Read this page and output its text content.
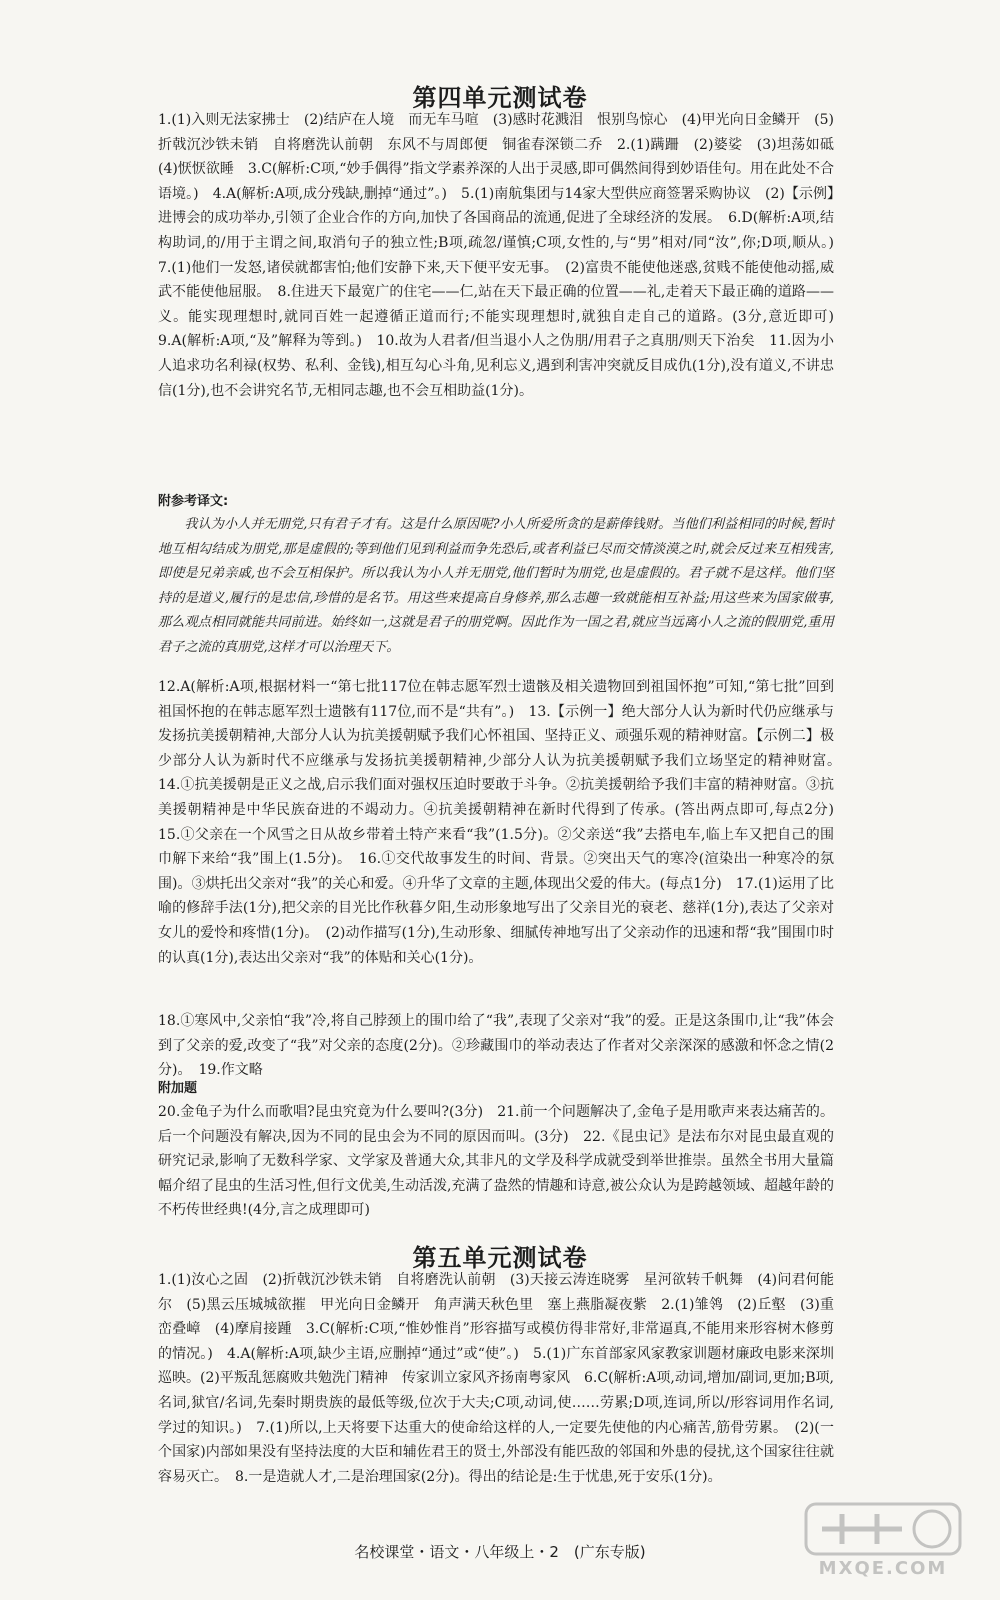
第四单元测试卷

1.(1)入则无法家拂士　(2)结庐在人境　而无车马喧　(3)感时花溅泪　恨别鸟惊心　(4)甲光向日金鳞开　(5)折戟沉沙铁未销　自将磨洗认前朝　东风不与周郎便　铜雀春深锁二乔　2.(1)蹒跚　(2)婆娑　(3)坦荡如砥　(4)恹恹欲睡　3.C(解析:C项,“妙手偶得”指文学素养深的人出于灵感,即可偶然间得到妙语佳句。用在此处不合语境。)　4.A(解析:A项,成分残缺,删掉“通过”。)　5.(1)南航集团与14家大型供应商签署采购协议　(2)【示例】进博会的成功举办,引领了企业合作的方向,加快了各国商品的流通,促进了全球经济的发展。　6.D(解析:A项,结构助词,的/用于主谓之间,取消句子的独立性;B项,疏忽/谨慎;C项,女性的,与“男”相对/同“汝”,你;D项,顺从。)　7.(1)他们一发怒,诸侯就都害怕;他们安静下来,天下便平安无事。　(2)富贵不能使他迷惑,贫贱不能使他动摇,威武不能使他屈服。　8.住进天下最宽广的住宅——仁,站在天下最正确的位置——礼,走着天下最正确的道路——义。能实现理想时,就同百姓一起遵循正道而行;不能实现理想时,就独自走自己的道路。(3分,意近即可)　9.A(解析:A项,“及”解释为等到。)　10.故为人君者/但当退小人之伪朋/用君子之真朋/则天下治矣　11.因为小人追求功名利禄(权势、私利、金钱),相互勾心斗角,见利忘义,遇到利害冲突就反目成仇(1分),没有道义,不讲忠信(1分),也不会讲究名节,无相同志趣,也不会互相助益(1分)。

附参考译文:

我认为小人并无朋党,只有君子才有。这是什么原因呢?小人所爱所贪的是薪俸钱财。当他们利益相同的时候,暂时地互相勾结成为朋党,那是虚假的;等到他们见到利益而争先恐后,或者利益已尽而交情淡漠之时,就会反过来互相残害,即使是兄弟亲戚,也不会互相保护。所以我认为小人并无朋党,他们暂时为朋党,也是虚假的。君子就不是这样。他们坚持的是道义,履行的是忠信,珍惜的是名节。用这些来提高自身修养,那么志趣一致就能相互补益;用这些来为国家做事,那么观点相同就能共同前进。始终如一,这就是君子的朋党啊。因此作为一国之君,就应当远离小人之流的假朋党,重用君子之流的真朋党,这样才可以治理天下。

12.A(解析:A项,根据材料一“第七批117位在韩志愿军烈士遗骸及相关遗物回到祖国怀抱”可知,“第七批”回到祖国怀抱的在韩志愿军烈士遗骸有117位,而不是“共有”。)　13.【示例一】绝大部分人认为新时代仍应继承与发扬抗美援朝精神,大部分人认为抗美援朝赋予我们心怀祖国、坚持正义、顽强乐观的精神财富。【示例二】极少部分人认为新时代不应继承与发扬抗美援朝精神,少部分人认为抗美援朝赋予我们立场坚定的精神财富。　14.①抗美援朝是正义之战,启示我们面对强权压迫时要敢于斗争。②抗美援朝给予我们丰富的精神财富。③抗美援朝精神是中华民族奋进的不竭动力。④抗美援朝精神在新时代得到了传承。(答出两点即可,每点2分)　15.①父亲在一个风雪之日从故乡带着土特产来看“我”(1.5分)。②父亲送“我”去搭电车,临上车又把自己的围巾解下来给“我”围上(1.5分)。　16.①交代故事发生的时间、背景。②突出天气的寒冷(渲染出一种寒冷的氛围)。③烘托出父亲对“我”的关心和爱。④升华了文章的主题,体现出父爱的伟大。(每点1分)　17.(1)运用了比喻的修辞手法(1分),把父亲的目光比作秋暮夕阳,生动形象地写出了父亲目光的衰老、慈祥(1分),表达了父亲对女儿的爱怜和疼惜(1分)。　(2)动作描写(1分),生动形象、细腻传神地写出了父亲动作的迅速和帮“我”围围巾时的认真(1分),表达出父亲对“我”的体贴和关心(1分)。

18.①寒风中,父亲怕“我”冷,将自己脖颈上的围巾给了“我”,表现了父亲对“我”的爱。正是这条围巾,让“我”体会到了父亲的爱,改变了“我”对父亲的态度(2分)。②珍藏围巾的举动表达了作者对父亲深深的感激和怀念之情(2分)。　19.作文略

附加题

20.金龟子为什么而歌唱?昆虫究竟为什么要叫?(3分)　21.前一个问题解决了,金龟子是用歌声来表达痛苦的。后一个问题没有解决,因为不同的昆虫会为不同的原因而叫。(3分)　22.《昆虫记》是法布尔对昆虫最直观的研究记录,影响了无数科学家、文学家及普通大众,其非凡的文学及科学成就受到举世推崇。虽然全书用大量篇幅介绍了昆虫的生活习性,但行文优美,生动活泼,充满了盎然的情趣和诗意,被公众认为是跨越领域、超越年龄的不朽传世经典!(4分,言之成理即可)

第五单元测试卷

1.(1)汝心之固　(2)折戟沉沙铁未销　自将磨洗认前朝　(3)天接云涛连晓雾　星河欲转千帆舞　(4)问君何能尔　(5)黑云压城城欲摧　甲光向日金鳞开　角声满天秋色里　塞上燕脂凝夜紫　2.(1)雏鸰　(2)丘壑　(3)重峦叠嶂　(4)摩肩接踵　3.C(解析:C项,“惟妙惟肖”形容描写或模仿得非常好,非常逼真,不能用来形容树木修剪的情况。)　4.A(解析:A项,缺少主语,应删掉“通过”或“使”。)　5.(1)广东首部家风家教家训题材廉政电影来深圳巡映。(2)平叛乱惩腐败共勉洗门精神　传家训立家风齐扬南粤家风　6.C(解析:A项,动词,增加/副词,更加;B项,名词,狱官/名词,先秦时期贵族的最低等级,位次于大夫;C项,动词,使……劳累;D项,连词,所以/形容词用作名词,学过的知识。)　7.(1)所以,上天将要下达重大的使命给这样的人,一定要先使他的内心痛苦,筋骨劳累。　(2)(一个国家)内部如果没有坚持法度的大臣和辅佐君王的贤士,外部没有能匹敌的邻国和外患的侵扰,这个国家往往就容易灭亡。　8.一是造就人才,二是治理国家(2分)。得出的结论是:生于忧患,死于安乐(1分)。

名校课堂・语文・八年级上・2　(广东专版)
MXQE.COM
